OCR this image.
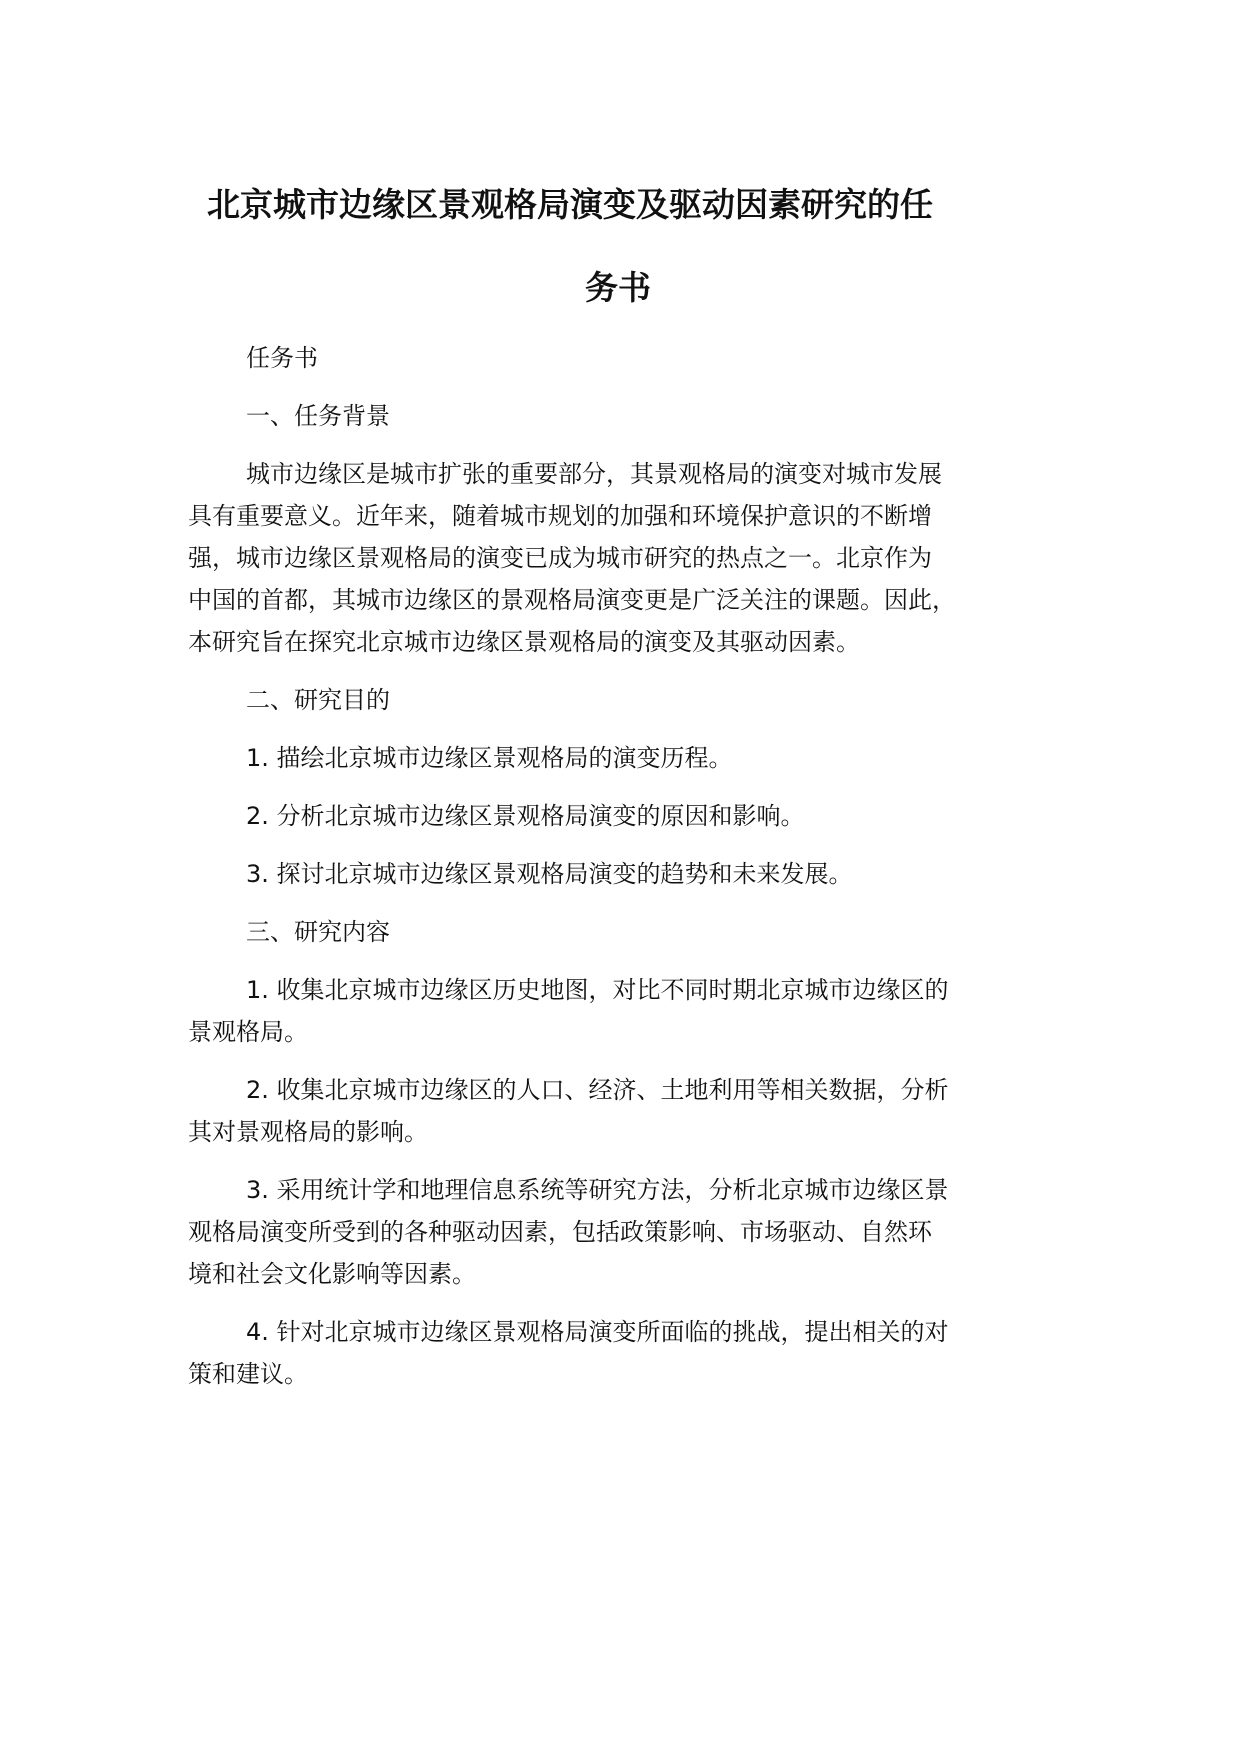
北京城市边缘区景观格局演变及驱动因素研究的任
务书

任务书

一、任务背景

城市边缘区是城市扩张的重要部分，其景观格局的演变对城市发展

具有重要意义。近年来，随着城市规划的加强和环境保护意识的不断增

强，城市边缘区景观格局的演变已成为城市研究的热点之一。北京作为

中国的首都，其城市边缘区的景观格局演变更是广泛关注的课题。因此，

本研究旨在探究北京城市边缘区景观格局的演变及其驱动因素。

二、研究目的

1. 描绘北京城市边缘区景观格局的演变历程。

2. 分析北京城市边缘区景观格局演变的原因和影响。

3. 探讨北京城市边缘区景观格局演变的趋势和未来发展。

三、研究内容

1. 收集北京城市边缘区历史地图，对比不同时期北京城市边缘区的

景观格局。

2. 收集北京城市边缘区的人口、经济、土地利用等相关数据，分析

其对景观格局的影响。

3. 采用统计学和地理信息系统等研究方法，分析北京城市边缘区景

观格局演变所受到的各种驱动因素，包括政策影响、市场驱动、自然环

境和社会文化影响等因素。

4. 针对北京城市边缘区景观格局演变所面临的挑战，提出相关的对

策和建议。
